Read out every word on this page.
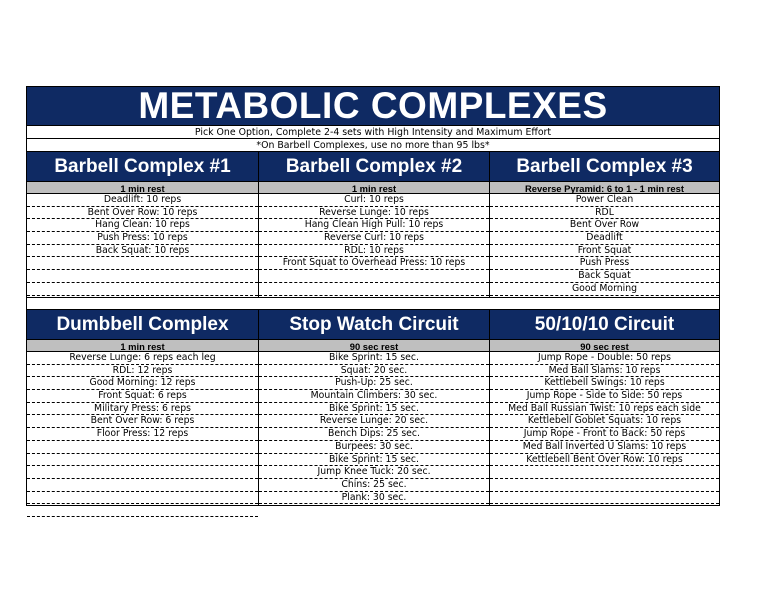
METABOLIC COMPLEXES
Pick One Option, Complete 2-4 sets with High Intensity and Maximum Effort
*On Barbell Complexes, use no more than 95 lbs*
Barbell Complex #1
1 min rest
Deadlift: 10 reps
Bent Over Row: 10 reps
Hang Clean: 10 reps
Push Press: 10 reps
Back Squat: 10 reps
Barbell Complex #2
1 min rest
Curl: 10 reps
Reverse Lunge: 10 reps
Hang Clean High Pull: 10 reps
Reverse Curl: 10 reps
RDL: 10 reps
Front Squat to Overhead Press: 10 reps
Barbell Complex #3
Reverse Pyramid: 6 to 1 - 1 min rest
Power Clean
RDL
Bent Over Row
Deadlift
Front Squat
Push Press
Back Squat
Good Morning
Dumbbell Complex
1 min rest
Reverse Lunge: 6 reps each leg
RDL: 12 reps
Good Morning: 12 reps
Front Squat: 6 reps
Military Press: 6 reps
Bent Over Row: 6 reps
Floor Press: 12 reps
Stop Watch Circuit
90 sec rest
Bike Sprint: 15 sec.
Squat: 20 sec.
Push-Up: 25 sec.
Mountain Climbers: 30 sec.
Bike Sprint: 15 sec.
Reverse Lunge: 20 sec.
Bench Dips: 25 sec.
Burpees: 30 sec.
Bike Sprint: 15 sec.
Jump Knee Tuck: 20 sec.
Chins: 25 sec.
Plank: 30 sec.
50/10/10 Circuit
90 sec rest
Jump Rope - Double: 50 reps
Med Ball Slams: 10 reps
Kettlebell Swings: 10 reps
Jump Rope - Side to Side: 50 reps
Med Ball Russian Twist: 10 reps each side
Kettlebell Goblet Squats: 10 reps
Jump Rope - Front to Back: 50 reps
Med Ball Inverted U Slams: 10 reps
Kettlebell Bent Over Row: 10 reps
